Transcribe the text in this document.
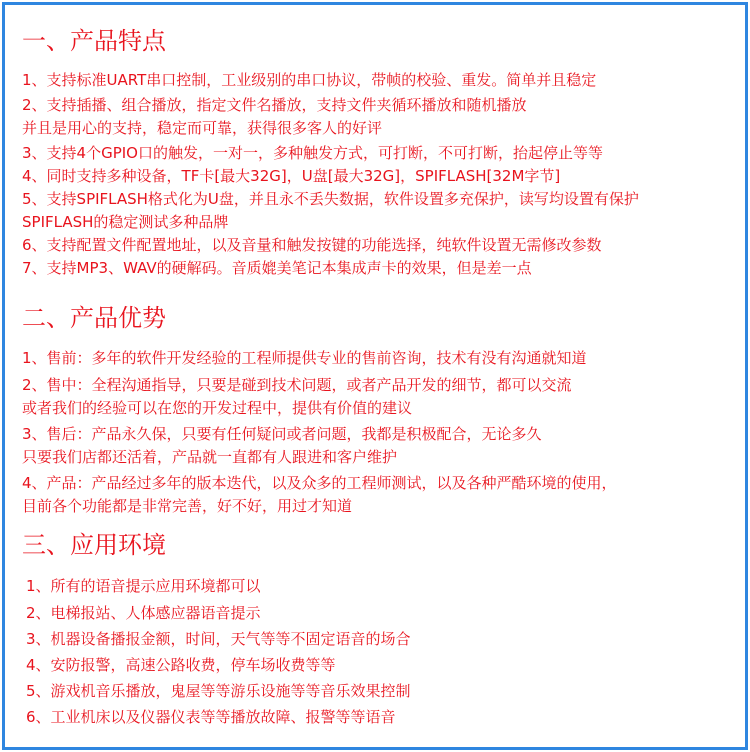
一、产品特点
1、支持标准UART串口控制，工业级别的串口协议，带帧的校验、重发。简单并且稳定
2、支持插播、组合播放，指定文件名播放，支持文件夹循环播放和随机播放
并且是用心的支持，稳定而可靠，获得很多客人的好评
3、支持4个GPIO口的触发，一对一，多种触发方式，可打断，不可打断，抬起停止等等
4、同时支持多种设备，TF卡[最大32G]，U盘[最大32G]，SPIFLASH[32M字节]
5、支持SPIFLASH格式化为U盘，并且永不丢失数据，软件设置多充保护，读写均设置有保护
SPIFLASH的稳定测试多种品牌
6、支持配置文件配置地址，以及音量和触发按键的功能选择，纯软件设置无需修改参数
7、支持MP3、WAV的硬解码。音质媲美笔记本集成声卡的效果，但是差一点
二、产品优势
1、售前：多年的软件开发经验的工程师提供专业的售前咨询，技术有没有沟通就知道
2、售中：全程沟通指导，只要是碰到技术问题，或者产品开发的细节，都可以交流
或者我们的经验可以在您的开发过程中，提供有价值的建议
3、售后：产品永久保，只要有任何疑问或者问题，我都是积极配合，无论多久
只要我们店都还活着，产品就一直都有人跟进和客户维护
4、产品：产品经过多年的版本迭代，以及众多的工程师测试，以及各种严酷环境的使用，
目前各个功能都是非常完善，好不好，用过才知道
三、应用环境
1、所有的语音提示应用环境都可以
2、电梯报站、人体感应器语音提示
3、机器设备播报金额，时间，天气等等不固定语音的场合
4、安防报警，高速公路收费，停车场收费等等
5、游戏机音乐播放，鬼屋等等游乐设施等等音乐效果控制
6、工业机床以及仪器仪表等等播放故障、报警等等语音
